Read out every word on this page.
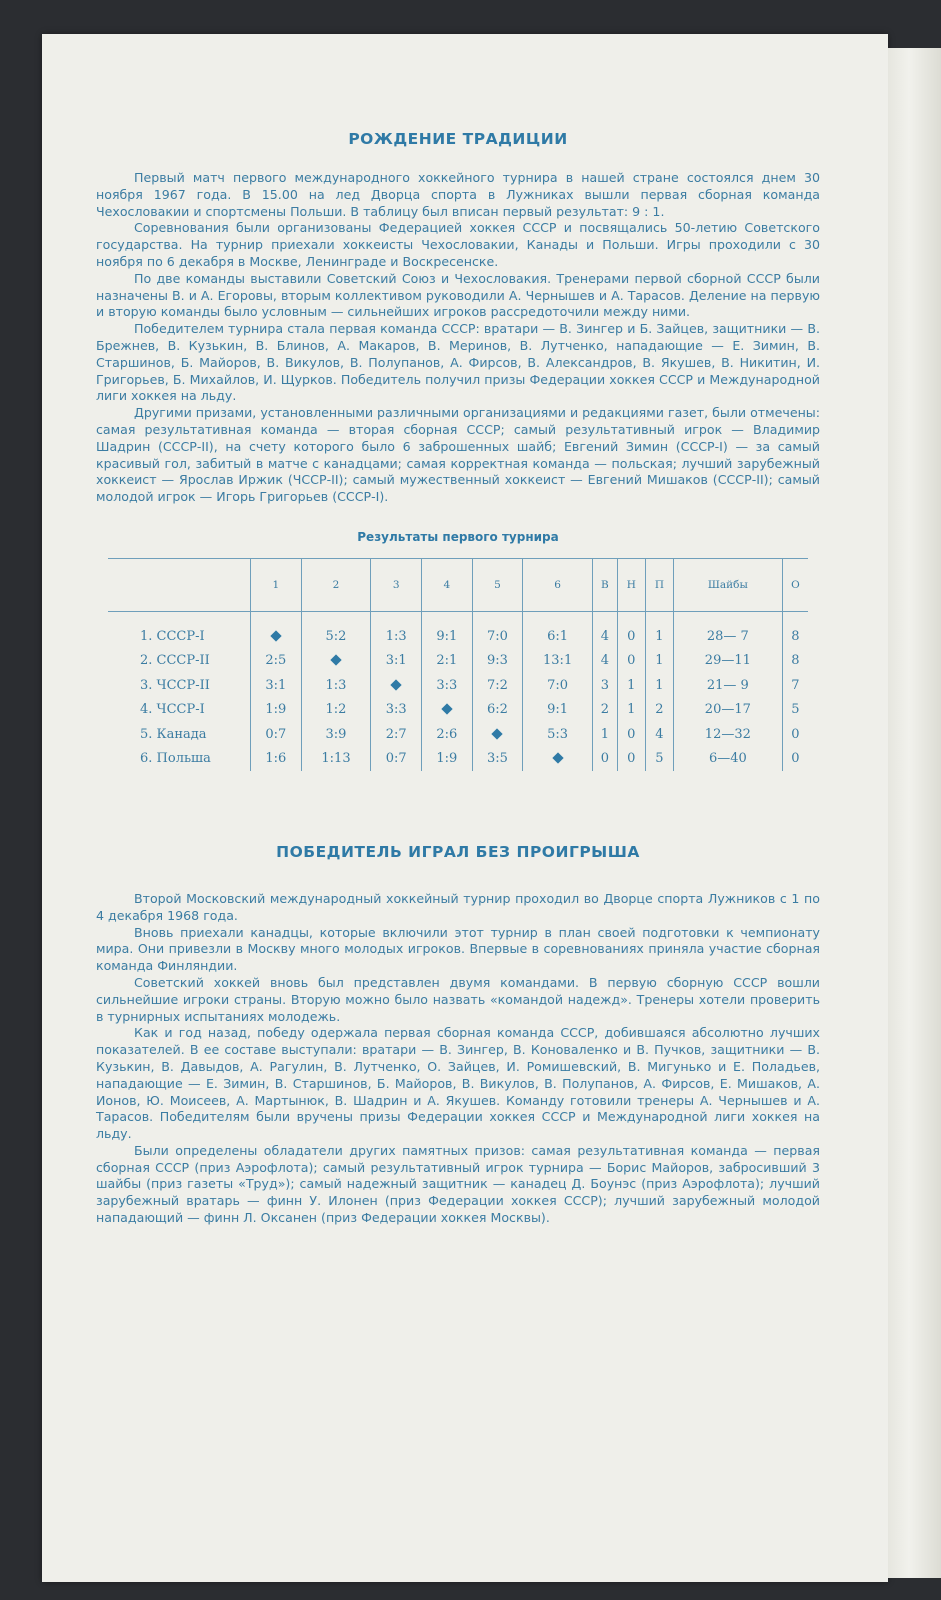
РОЖДЕНИЕ ТРАДИЦИИ

Первый матч первого международного хоккейного турнира в нашей стране состоялся днем 30 ноября 1967 года. В 15.00 на лед Дворца спорта в Лужниках вышли первая сборная команда Чехословакии и спортсмены Польши. В таблицу был вписан первый результат: 9 : 1.

Соревнования были организованы Федерацией хоккея СССР и посвящались 50-летию Советского государства. На турнир приехали хоккеисты Чехословакии, Канады и Польши. Игры проходили с 30 ноября по 6 декабря в Москве, Ленинграде и Воскресенске.

По две команды выставили Советский Союз и Чехословакия. Тренерами первой сборной СССР были назначены В. и А. Егоровы, вторым коллективом руководили А. Чернышев и А. Тарасов. Деление на первую и вторую команды было условным — сильнейших игроков рассредоточили между ними.

Победителем турнира стала первая команда СССР: вратари — В. Зингер и Б. Зайцев, защитники — В. Брежнев, В. Кузькин, В. Блинов, А. Макаров, В. Меринов, В. Лутченко, нападающие — Е. Зимин, В. Старшинов, Б. Майоров, В. Викулов, В. Полупанов, А. Фирсов, В. Александров, В. Якушев, В. Никитин, И. Григорьев, Б. Михайлов, И. Щурков. Победитель получил призы Федерации хоккея СССР и Международной лиги хоккея на льду.

Другими призами, установленными различными организациями и редакциями газет, были отмечены: самая результативная команда — вторая сборная СССР; самый результативный игрок — Владимир Шадрин (СССР-II), на счету которого было 6 заброшенных шайб; Евгений Зимин (СССР-I) — за самый красивый гол, забитый в матче с канадцами; самая корректная команда — польская; лучший зарубежный хоккеист — Ярослав Иржик (ЧССР-II); самый мужественный хоккеист — Евгений Мишаков (СССР-II); самый молодой игрок — Игорь Григорьев (СССР-I).

Результаты первого турнира
	1	2	3	4	5	6	В	Н	П	Шайбы	О

1. СССР-I		5:2	1:3	9:1	7:0	6:1	4	0	1	28— 7	8
2. СССР-II	2:5		3:1	2:1	9:3	13:1	4	0	1	29—11	8
3. ЧССР-II	3:1	1:3		3:3	7:2	7:0	3	1	1	21— 9	7
4. ЧССР-I	1:9	1:2	3:3		6:2	9:1	2	1	2	20—17	5
5. Канада	0:7	3:9	2:7	2:6		5:3	1	0	4	12—32	0
6. Польша	1:6	1:13	0:7	1:9	3:5		0	0	5	6—40	0
ПОБЕДИТЕЛЬ ИГРАЛ БЕЗ ПРОИГРЫША

Второй Московский международный хоккейный турнир проходил во Дворце спорта Лужников с 1 по 4 декабря 1968 года.

Вновь приехали канадцы, которые включили этот турнир в план своей подготовки к чемпионату мира. Они привезли в Москву много молодых игроков. Впервые в соревнованиях приняла участие сборная команда Финляндии.

Советский хоккей вновь был представлен двумя командами. В первую сборную СССР вошли сильнейшие игроки страны. Вторую можно было назвать «командой надежд». Тренеры хотели проверить в турнирных испытаниях молодежь.

Как и год назад, победу одержала первая сборная команда СССР, добившаяся абсолютно лучших показателей. В ее составе выступали: вратари — В. Зингер, В. Коноваленко и В. Пучков, защитники — В. Кузькин, В. Давыдов, А. Рагулин, В. Лутченко, О. Зайцев, И. Ромишевский, В. Мигунько и Е. Поладьев, нападающие — Е. Зимин, В. Старшинов, Б. Майоров, В. Викулов, В. Полупанов, А. Фирсов, Е. Мишаков, А. Ионов, Ю. Моисеев, А. Мартынюк, В. Шадрин и А. Якушев. Команду готовили тренеры А. Чернышев и А. Тарасов. Победителям были вручены призы Федерации хоккея СССР и Международной лиги хоккея на льду.

Были определены обладатели других памятных призов: самая результативная команда — первая сборная СССР (приз Аэрофлота); самый результативный игрок турнира — Борис Майоров, забросивший 3 шайбы (приз газеты «Труд»); самый надежный защитник — канадец Д. Боунэс (приз Аэрофлота); лучший зарубежный вратарь — финн У. Илонен (приз Федерации хоккея СССР); лучший зарубежный молодой нападающий — финн Л. Оксанен (приз Федерации хоккея Москвы).
